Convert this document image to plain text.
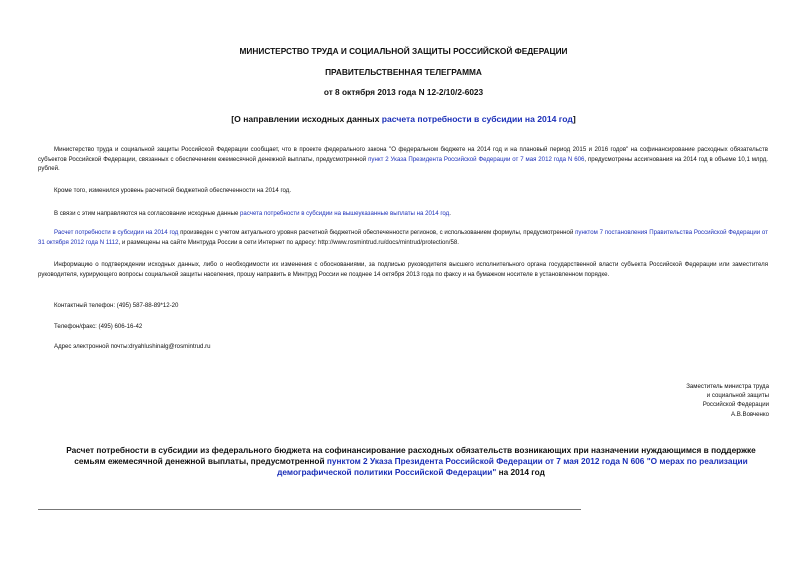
МИНИСТЕРСТВО ТРУДА И СОЦИАЛЬНОЙ ЗАЩИТЫ РОССИЙСКОЙ ФЕДЕРАЦИИ
ПРАВИТЕЛЬСТВЕННАЯ ТЕЛЕГРАММА
от 8 октября 2013 года N 12-2/10/2-6023
[О направлении исходных данных расчета потребности в субсидии на 2014 год]

Министерство труда и социальной защиты Российской Федерации сообщает, что в проекте федерального закона "О федеральном бюджете на 2014 год и на плановый период 2015 и 2016 годов" на софинансирование расходных обязательств субъектов Российской Федерации, связанных с обеспечением ежемесячной денежной выплаты, предусмотренной пункт 2 Указа Президента Российской Федерации от 7 мая 2012 года N 606, предусмотрены ассигнования на 2014 год в объеме 10,1 млрд. рублей.

Кроме того, изменился уровень расчетной бюджетной обеспеченности на 2014 год.

В связи с этим направляются на согласование исходные данные расчета потребности в субсидии на вышеуказанные выплаты на 2014 год.

Расчет потребности в субсидии на 2014 год произведен с учетом актуального уровня расчетной бюджетной обеспеченности регионов, с использованием формулы, предусмотренной пунктом 7 постановления Правительства Российской Федерации от 31 октября 2012 года N 1112, и размещены на сайте Минтруда России в сети Интернет по адресу: http://www.rosmintrud.ru/docs/mintrud/protection/58.

Информацию о подтверждении исходных данных, либо о необходимости их изменения с обоснованиями, за подписью руководителя высшего исполнительного органа государственной власти субъекта Российской Федерации или заместителя руководителя, курирующего вопросы социальной защиты населения, прошу направить в Минтруд России не позднее 14 октября 2013 года по факсу и на бумажном носителе в установленном порядке.

Контактный телефон: (495) 587-88-89*12-20

Телефон/факс: (495) 606-16-42

Адрес электронной почты:dryahlushinalg@rosmintrud.ru

Заместитель министра труда
и социальной защиты
Российской Федерации
А.В.Вовченко
Расчет потребности в субсидии из федерального бюджета на софинансирование расходных обязательств возникающих при назначении нуждающимся в поддержке семьям ежемесячной денежной выплаты, предусмотренной пунктом 2 Указа Президента Российской Федерации от 7 мая 2012 года N 606 "О мерах по реализации демографической политики Российской Федерации" на 2014 год
